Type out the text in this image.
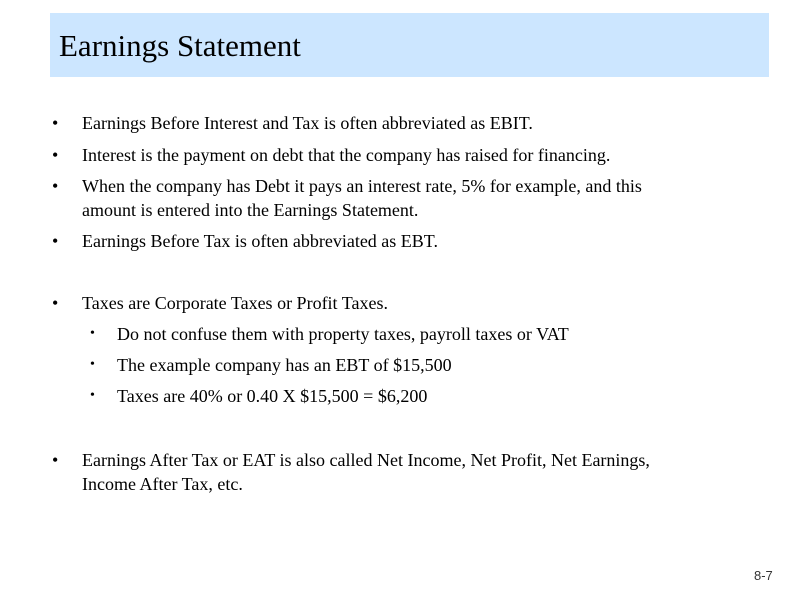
Earnings Statement
• Earnings Before Interest and Tax is often abbreviated as EBIT.
• Interest is the payment on debt that the company has raised for financing.
• When the company has Debt it pays an interest rate, 5% for example, and this
amount is entered into the Earnings Statement.
• Earnings Before Tax is often abbreviated as EBT.
• Taxes are Corporate Taxes or Profit Taxes.
• Do not confuse them with property taxes, payroll taxes or VAT
• The example company has an EBT of $15,500
• Taxes are 40% or 0.40 X $15,500 = $6,200
• Earnings After Tax or EAT is also called Net Income, Net Profit, Net Earnings,
Income After Tax, etc.
8-7
